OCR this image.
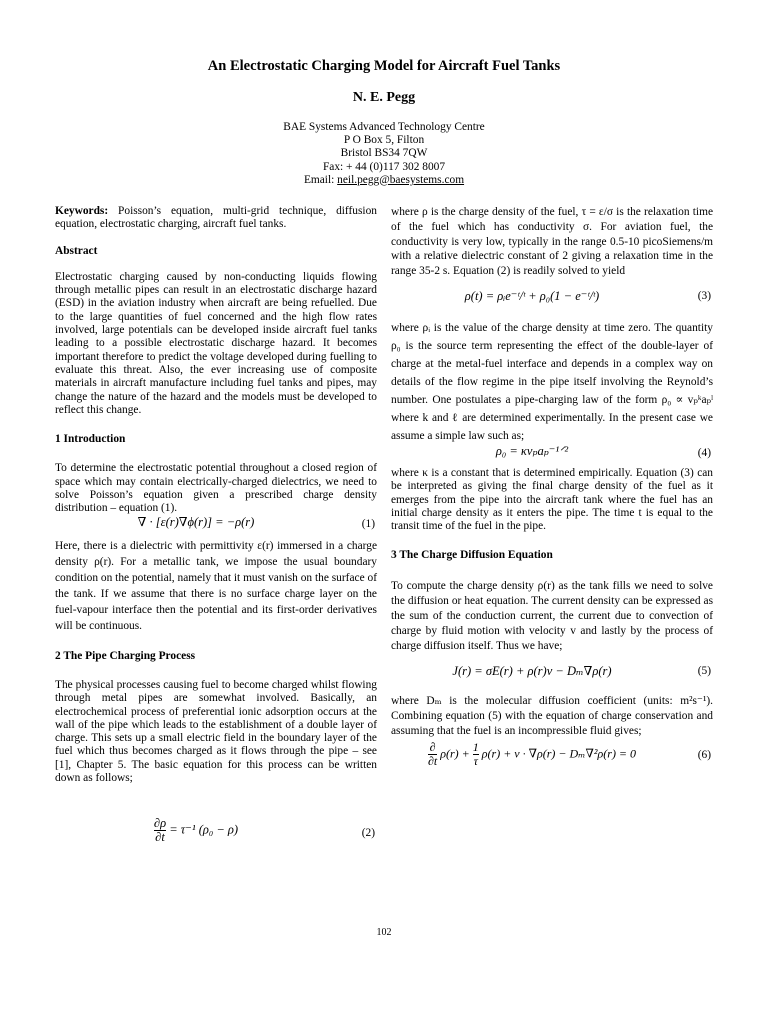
An Electrostatic Charging Model for Aircraft Fuel Tanks
N. E. Pegg
BAE Systems Advanced Technology Centre
P O Box 5, Filton
Bristol BS34 7QW
Fax: + 44 (0)117 302 8007
Email: neil.pegg@baesystems.com

Keywords: Poisson’s equation, multi-grid technique, diffusion equation, electrostatic charging, aircraft fuel tanks.

Abstract

Electrostatic charging caused by non-conducting liquids flowing through metallic pipes can result in an electrostatic discharge hazard (ESD) in the aviation industry when aircraft are being refuelled. Due to the large quantities of fuel concerned and the high flow rates involved, large potentials can be developed inside aircraft fuel tanks leading to a possible electrostatic discharge hazard. It becomes important therefore to predict the voltage developed during fuelling to evaluate this threat. Also, the ever increasing use of composite materials in aircraft manufacture including fuel tanks and pipes, may change the nature of the hazard and the models must be developed to reflect this change.

1 Introduction

To determine the electrostatic potential throughout a closed region of space which may contain electrically-charged dielectrics, we need to solve Poisson’s equation given a prescribed charge density distribution – equation (1).

∇ · [ε(r)∇ϕ(r)] = −ρ(r)	(1)

Here, there is a dielectric with permittivity ε(r) immersed in a charge density ρ(r). For a metallic tank, we impose the usual boundary condition on the potential, namely that it must vanish on the surface of the tank. If we assume that there is no surface charge layer on the fuel-vapour interface then the potential and its first-order derivatives will be continuous.

2 The Pipe Charging Process

The physical processes causing fuel to become charged whilst flowing through metal pipes are somewhat involved. Basically, an electrochemical process of preferential ionic adsorption occurs at the wall of the pipe which leads to the establishment of a double layer of charge. This sets up a small electric field in the boundary layer of the fuel which thus becomes charged as it flows through the pipe – see [1], Chapter 5. The basic equation for this process can be written down as follows;

$\frac{\partial\rho}{\partial t} = \tau^{-1}$ (ρ₀ − ρ)	(2)

where ρ is the charge density of the fuel, τ = ε/σ is the relaxation time of the fuel which has conductivity σ. For aviation fuel, the conductivity is very low, typically in the range 0.5-10 picoSiemens/m with a relative dielectric constant of 2 giving a relaxation time in the range 35-2 s. Equation (2) is readily solved to yield

ρ(t) = ρᵢe⁻ᵗ/ᵗ + ρ₀(1 − e⁻ᵗ/ᵗ)	(3)

where ρᵢ is the value of the charge density at time zero. The quantity ρ₀ is the source term representing the effect of the double-layer of charge at the metal-fuel interface and depends in a complex way on details of the flow regime in the pipe itself involving the Reynold’s number. One postulates a pipe-charging law of the form ρ₀ ∝ vₚᵏaₚˡ where k and ℓ are determined experimentally. In the present case we assume a simple law such as;

ρ₀ = κvₚaₚ⁻¹ᐟ²	(4)

where κ is a constant that is determined empirically. Equation (3) can be interpreted as giving the final charge density of the fuel as it emerges from the pipe into the aircraft tank where the fuel has an initial charge density as it enters the pipe. The time t is equal to the transit time of the fuel in the pipe.

3 The Charge Diffusion Equation

To compute the charge density ρ(r) as the tank fills we need to solve the diffusion or heat equation. The current density can be expressed as the sum of the conduction current, the current due to convection of charge by fluid motion with velocity v and lastly by the process of charge diffusion itself. Thus we have;

J(r) = σE(r) + ρ(r)v − Dₘ∇ρ(r)	(5)

where Dₘ is the molecular diffusion coefficient (units: m²s⁻¹). Combining equation (5) with the equation of charge conservation and assuming that the fuel is an incompressible fluid gives;

$\frac{\partial}{\partial t} \rho(r) + \frac{1}{\tau} \rho(r) + v \cdot \nabla\rho(r) - D_m\nabla^2\rho(r) = 0$	(6)
102
